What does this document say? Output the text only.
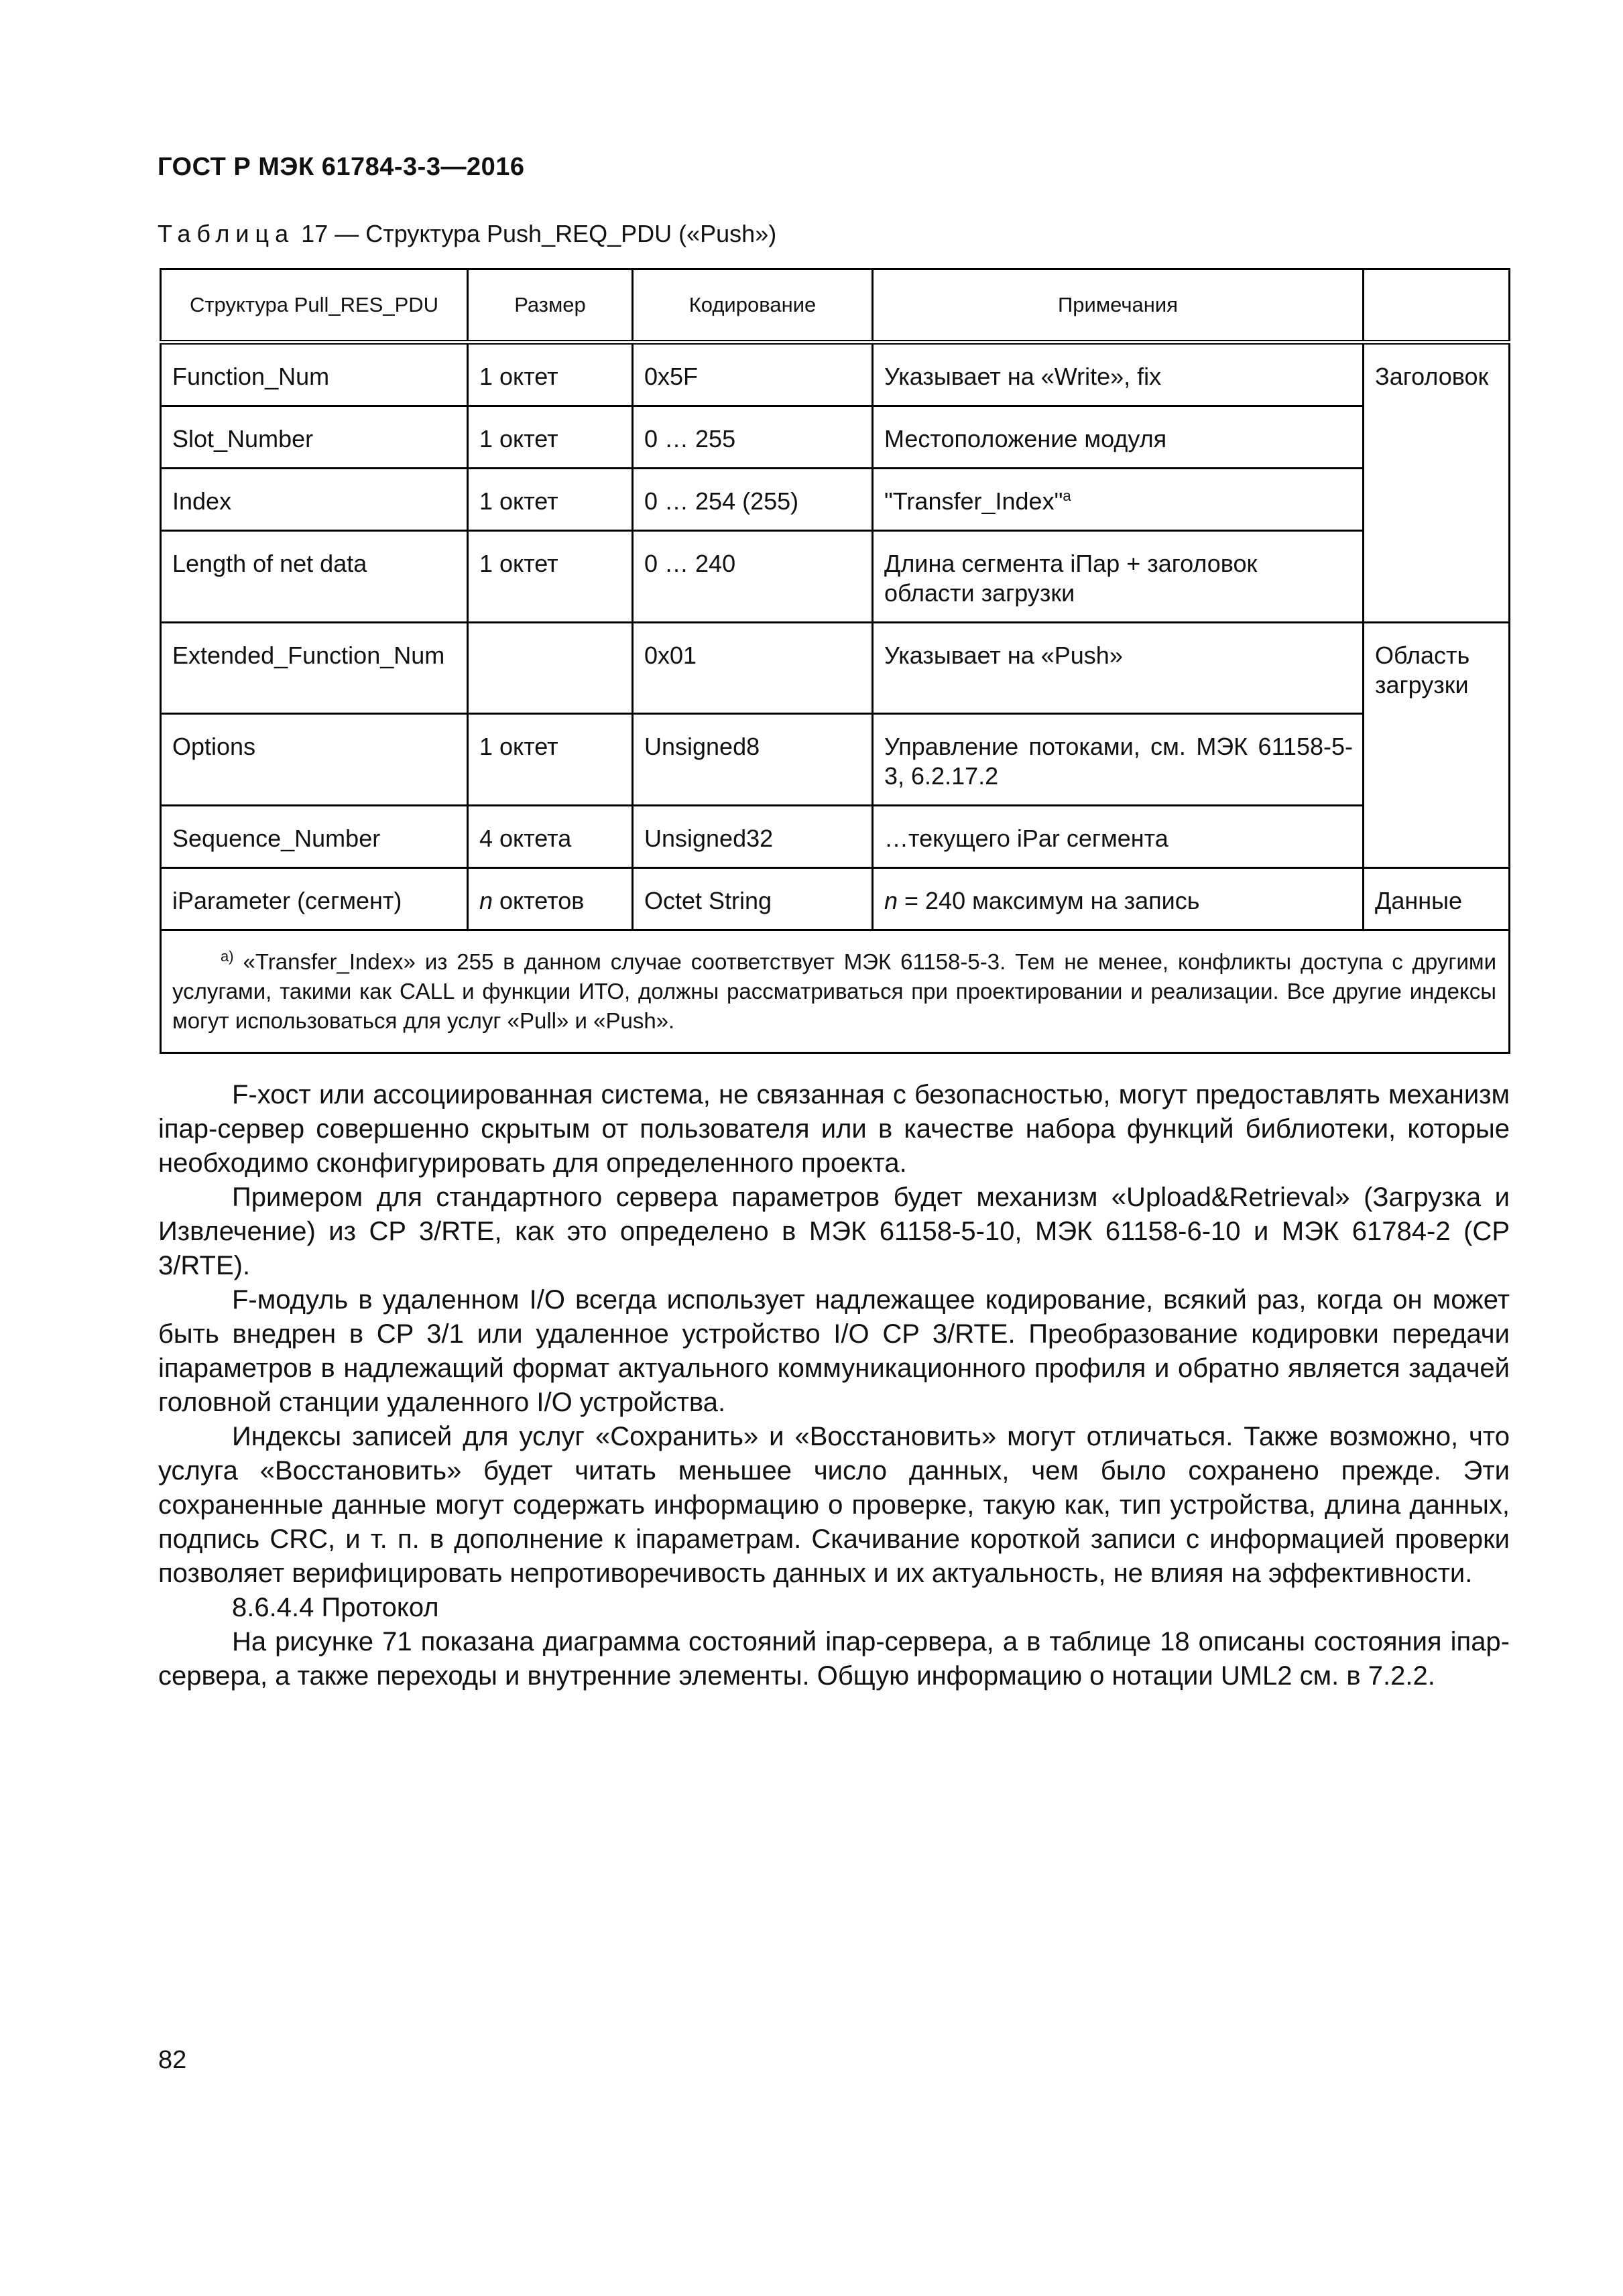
ГОСТ Р МЭК 61784-3-3—2016
Таблица 17 — Структура Push_REQ_PDU («Push»)
Структура Pull_RES_PDU	Размер	Кодирование	Примечания	
Function_Num	1 октет	0x5F	Указывает на «Write», fix	Заголовок
Slot_Number	1 октет	0 … 255	Местоположение модуля	
Index	1 октет	0 … 254 (255)	"Transfer_Index"$^a$	
Length of net data	1 октет	0 … 240	Длина сегмента iПар + заголовок области загрузки	
Extended_Function_Num		0x01	Указывает на «Push»	Область загрузки
Options	1 октет	Unsigned8	Управление потоками, см. МЭК 61158-5-3, 6.2.17.2	
Sequence_Number	4 октета	Unsigned32	…текущего iPar сегмента	
iParameter (сегмент)	n октетов	Octet String	n = 240 максимум на запись	Данные
$^{a)}$ «Transfer_Index» из 255 в данном случае соответствует МЭК 61158-5-3. Тем не менее, конфликты доступа с другими услугами, такими как CALL и функции ИТО, должны рассматриваться при проектировании и реализации. Все другие индексы могут использоваться для услуг «Pull» и «Push».				

F-хост или ассоциированная система, не связанная с безопасностью, могут предоставлять механизм iпар-сервер совершенно скрытым от пользователя или в качестве набора функций библиотеки, которые необходимо сконфигурировать для определенного проекта.

Примером для стандартного сервера параметров будет механизм «Upload&Retrieval» (Загрузка и Извлечение) из CP 3/RTE, как это определено в МЭК 61158-5-10, МЭК 61158-6-10 и МЭК 61784-2 (CP 3/RTE).

F-модуль в удаленном I/O всегда использует надлежащее кодирование, всякий раз, когда он может быть внедрен в CP 3/1 или удаленное устройство I/O CP 3/RTE. Преобразование кодировки передачи iпараметров в надлежащий формат актуального коммуникационного профиля и обратно является задачей головной станции удаленного I/O устройства.

Индексы записей для услуг «Сохранить» и «Восстановить» могут отличаться. Также возможно, что услуга «Восстановить» будет читать меньшее число данных, чем было сохранено прежде. Эти сохраненные данные могут содержать информацию о проверке, такую как, тип устройства, длина данных, подпись CRC, и т. п. в дополнение к iпараметрам. Скачивание короткой записи с информацией проверки позволяет верифицировать непротиворечивость данных и их актуальность, не влияя на эффективности.

8.6.4.4 Протокол

На рисунке 71 показана диаграмма состояний iпар-сервера, а в таблице 18 описаны состояния iпар-сервера, а также переходы и внутренние элементы. Общую информацию о нотации UML2 см. в 7.2.2.

82
